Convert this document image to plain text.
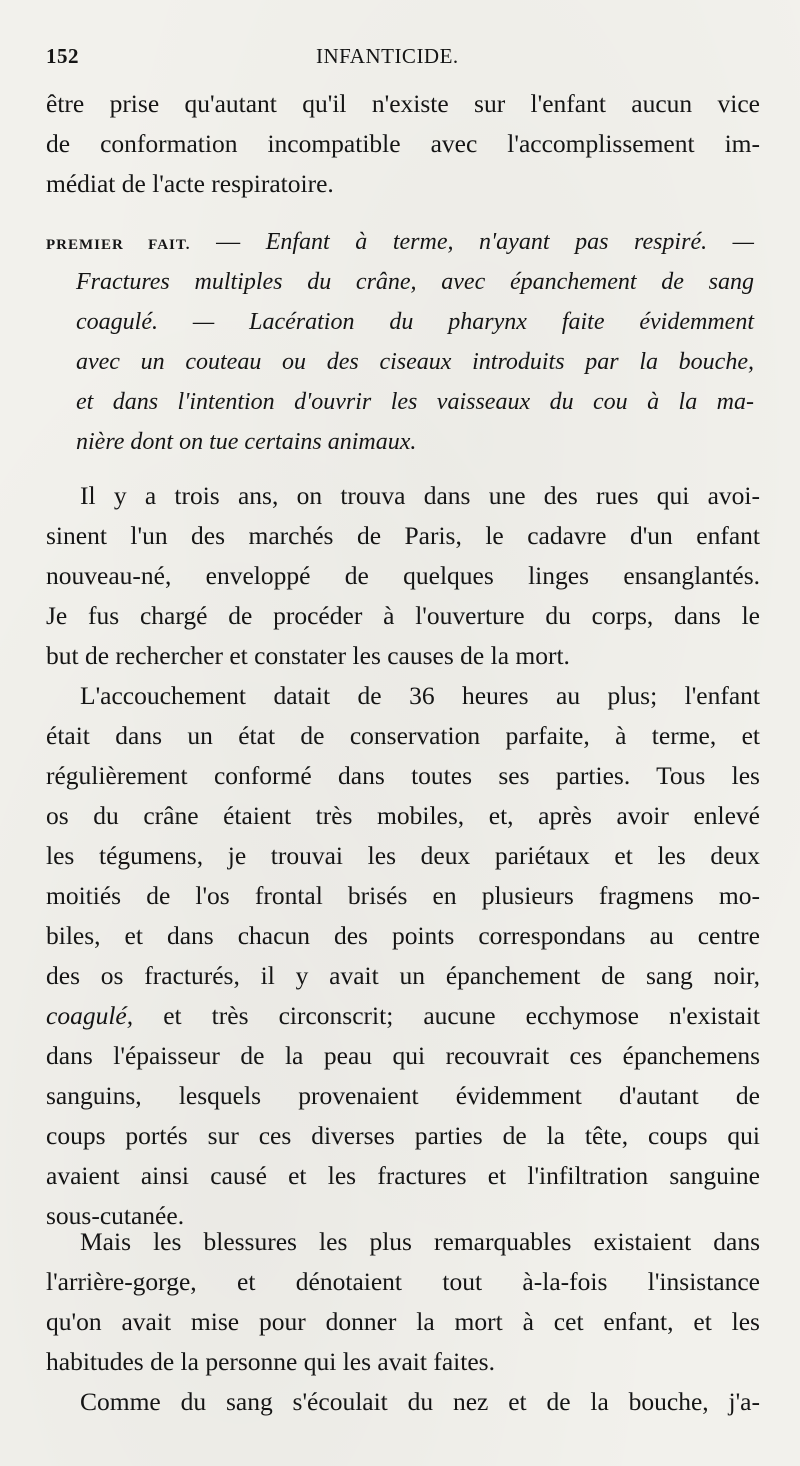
152	INFANTICIDE.
être prise qu'autant qu'il n'existe sur l'enfant aucun vice
de conformation incompatible avec l'accomplissement im-
médiat de l'acte respiratoire.
PREMIER FAIT. — Enfant à terme, n'ayant pas respiré. —
Fractures multiples du crâne, avec épanchement de sang
coagulé. — Lacération du pharynx faite évidemment
avec un couteau ou des ciseaux introduits par la bouche,
et dans l'intention d'ouvrir les vaisseaux du cou à la ma-
nière dont on tue certains animaux.
Il y a trois ans, on trouva dans une des rues qui avoi-
sinent l'un des marchés de Paris, le cadavre d'un enfant
nouveau-né, enveloppé de quelques linges ensanglantés.
Je fus chargé de procéder à l'ouverture du corps, dans le
but de rechercher et constater les causes de la mort.
L'accouchement datait de 36 heures au plus; l'enfant
était dans un état de conservation parfaite, à terme, et
régulièrement conformé dans toutes ses parties. Tous les
os du crâne étaient très mobiles, et, après avoir enlevé
les tégumens, je trouvai les deux pariétaux et les deux
moitiés de l'os frontal brisés en plusieurs fragmens mo-
biles, et dans chacun des points correspondans au centre
des os fracturés, il y avait un épanchement de sang noir,
coagulé, et très circonscrit; aucune ecchymose n'existait
dans l'épaisseur de la peau qui recouvrait ces épanchemens
sanguins, lesquels provenaient évidemment d'autant de
coups portés sur ces diverses parties de la tête, coups qui
avaient ainsi causé et les fractures et l'infiltration sanguine
sous-cutanée.
Mais les blessures les plus remarquables existaient dans
l'arrière-gorge, et dénotaient tout à-la-fois l'insistance
qu'on avait mise pour donner la mort à cet enfant, et les
habitudes de la personne qui les avait faites.
Comme du sang s'écoulait du nez et de la bouche, j'a-
